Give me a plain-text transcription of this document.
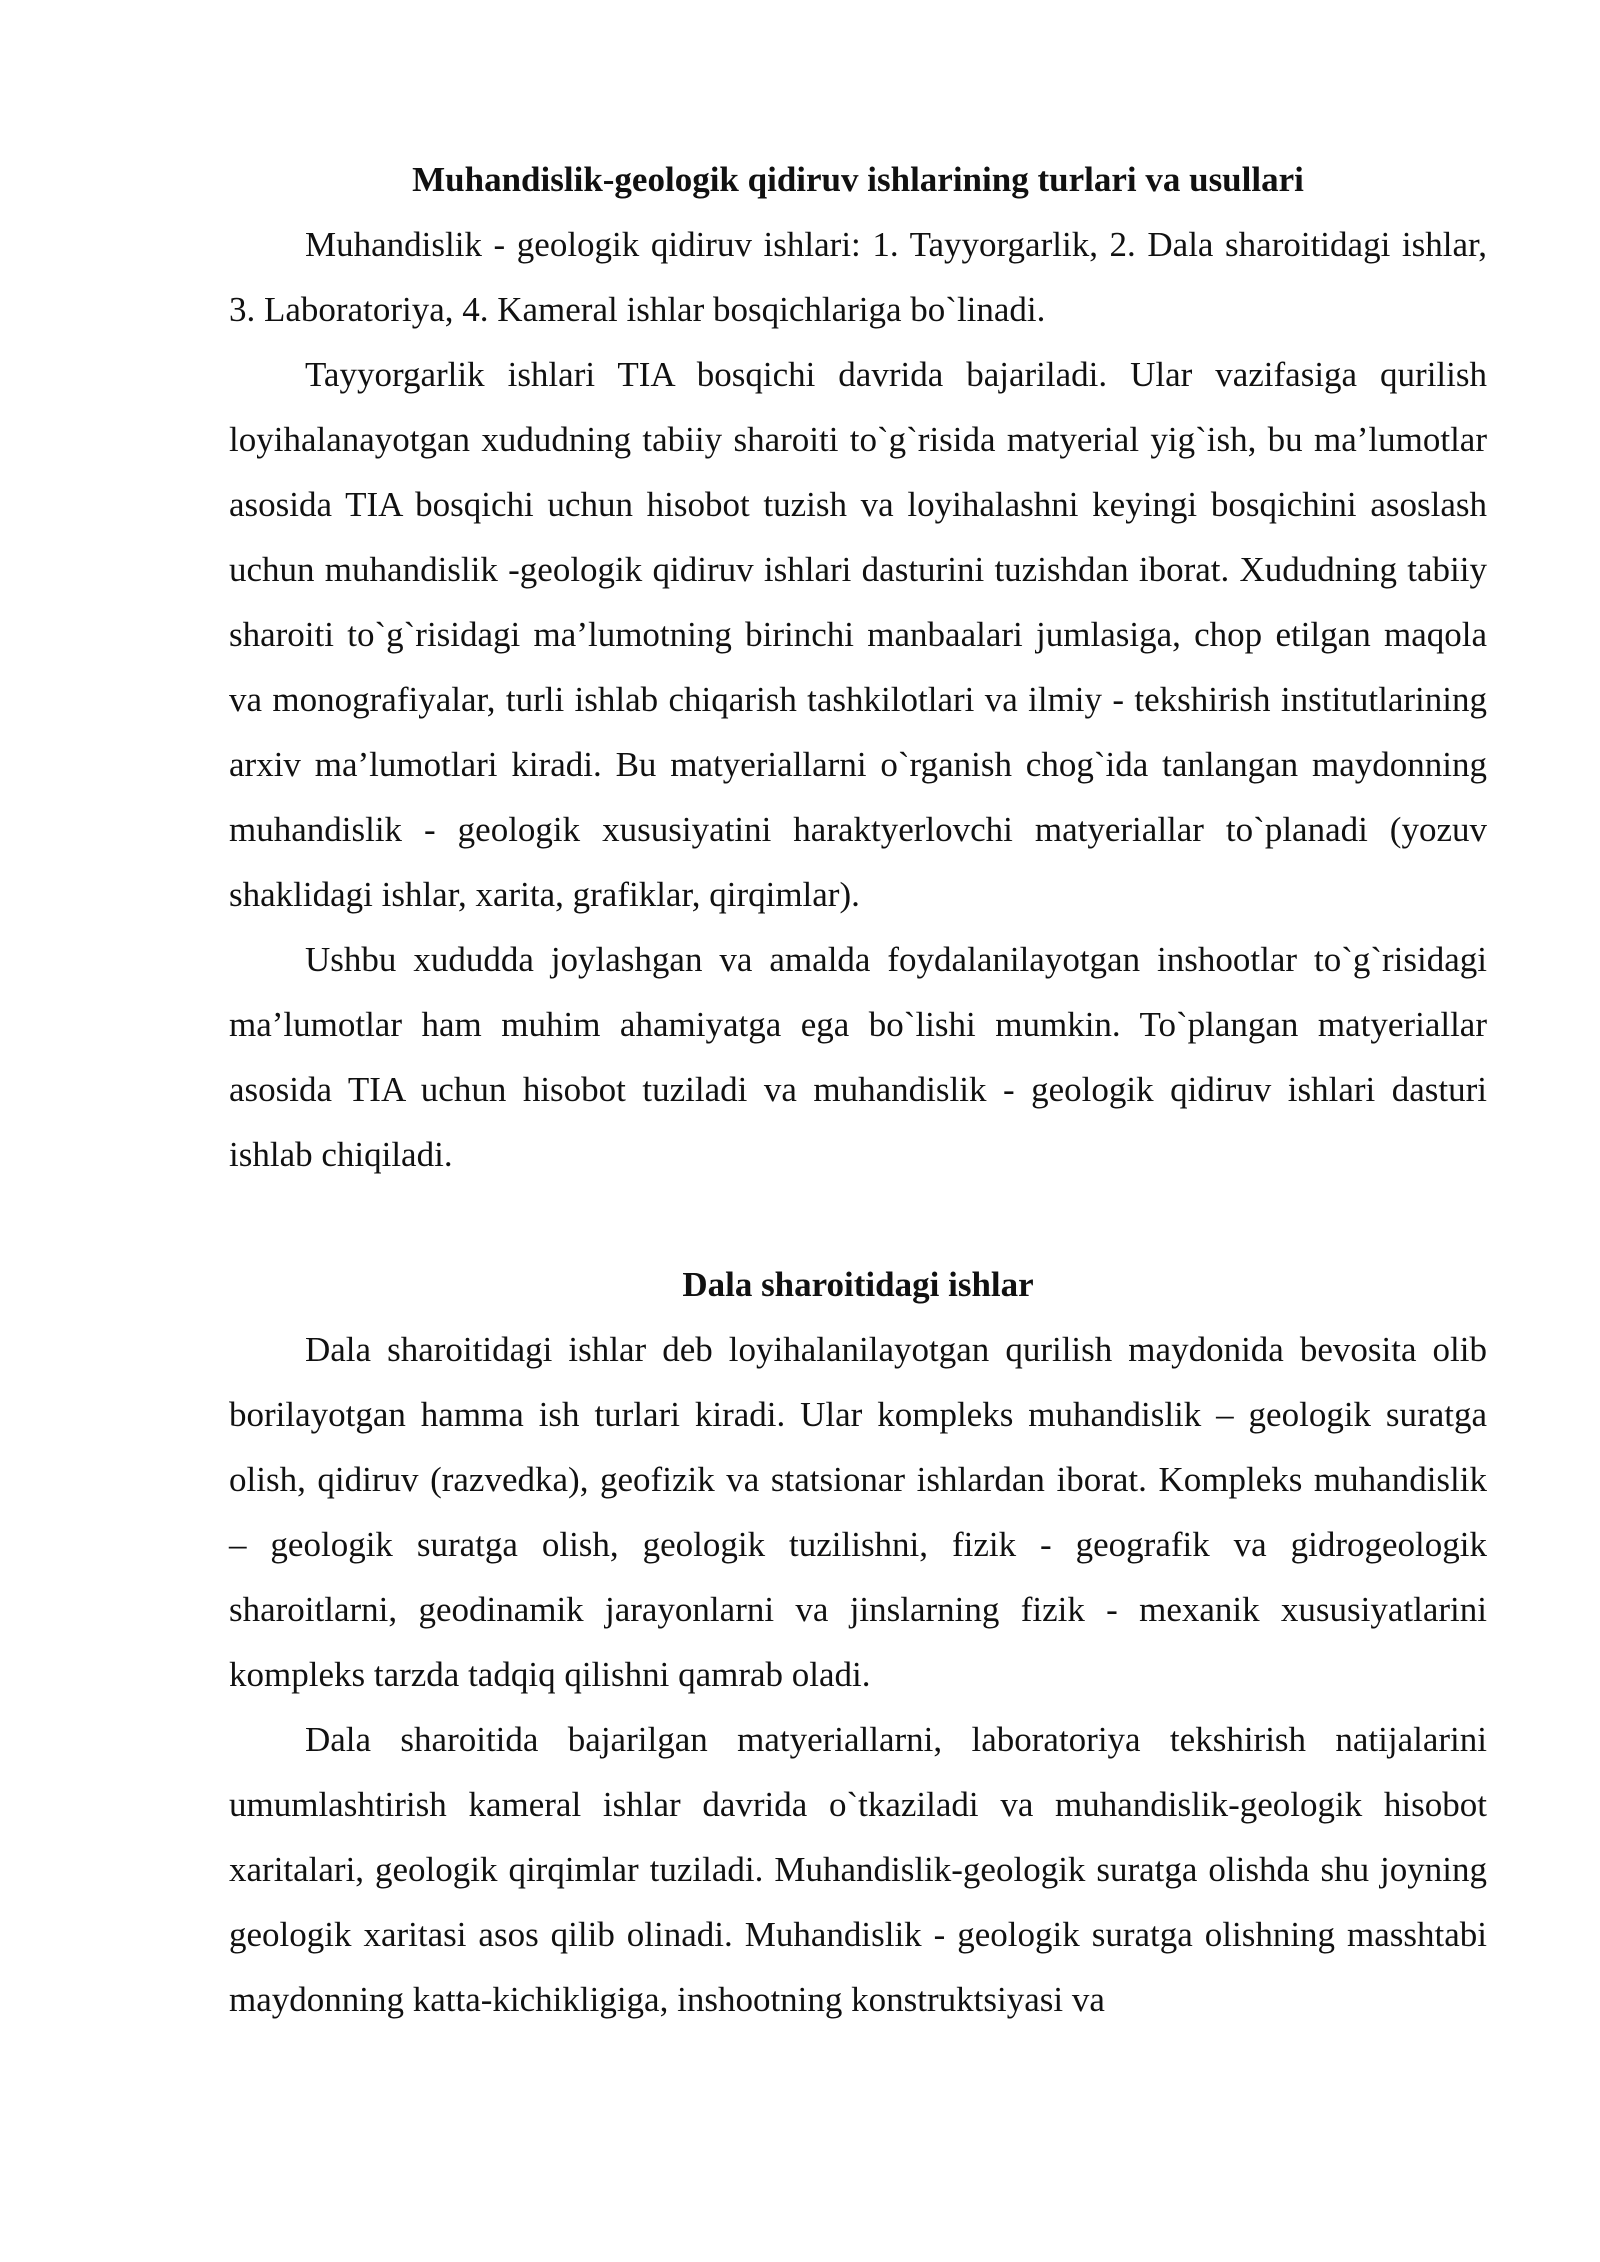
Muhandislik-geologik qidiruv ishlarining turlari va usullari

Muhandislik - geologik qidiruv ishlari: 1. Tayyorgarlik, 2. Dala sharoitidagi ishlar, 3. Laboratoriya, 4. Kameral ishlar bosqichlariga bo`linadi.

Tayyorgarlik ishlari TIA bosqichi davrida bajariladi. Ular vazifasiga qurilish loyihalanayotgan xududning tabiiy sharoiti to`g`risida matyerial yig`ish, bu ma’lumotlar asosida TIA bosqichi uchun hisobot tuzish va loyihalashni keyingi bosqichini asoslash uchun muhandislik -geologik qidiruv ishlari dasturini tuzishdan iborat. Xududning tabiiy sharoiti to`g`risidagi ma’lumotning birinchi manbaalari jumlasiga, chop etilgan maqola va monografiyalar, turli ishlab chiqarish tashkilotlari va ilmiy - tekshirish institutlarining arxiv ma’lumotlari kiradi. Bu matyeriallarni o`rganish chog`ida tanlangan maydonning muhandislik - geologik xususiyatini haraktyerlovchi matyeriallar to`planadi (yozuv shaklidagi ishlar, xarita, grafiklar, qirqimlar).

Ushbu xududda joylashgan va amalda foydalanilayotgan inshootlar to`g`risidagi ma’lumotlar ham muhim ahamiyatga ega bo`lishi mumkin. To`plangan matyeriallar asosida TIA uchun hisobot tuziladi va muhandislik - geologik qidiruv ishlari dasturi ishlab chiqiladi.

Dala sharoitidagi ishlar

Dala sharoitidagi ishlar deb loyihalanilayotgan qurilish maydonida bevosita olib borilayotgan hamma ish turlari kiradi. Ular kompleks muhandislik – geologik suratga olish, qidiruv (razvedka), geofizik va statsionar ishlardan iborat. Kompleks muhandislik – geologik suratga olish, geologik tuzilishni, fizik - geografik va gidrogeologik sharoitlarni, geodinamik jarayonlarni va jinslarning fizik - mexanik xususiyatlarini kompleks tarzda tadqiq qilishni qamrab oladi.

Dala sharoitida bajarilgan matyeriallarni, laboratoriya tekshirish natijalarini umumlashtirish kameral ishlar davrida o`tkaziladi va muhandislik-geologik hisobot xaritalari, geologik qirqimlar tuziladi. Muhandislik-geologik suratga olishda shu joyning geologik xaritasi asos qilib olinadi. Muhandislik - geologik suratga olishning masshtabi maydonning katta-kichikligiga, inshootning konstruktsiyasi va
